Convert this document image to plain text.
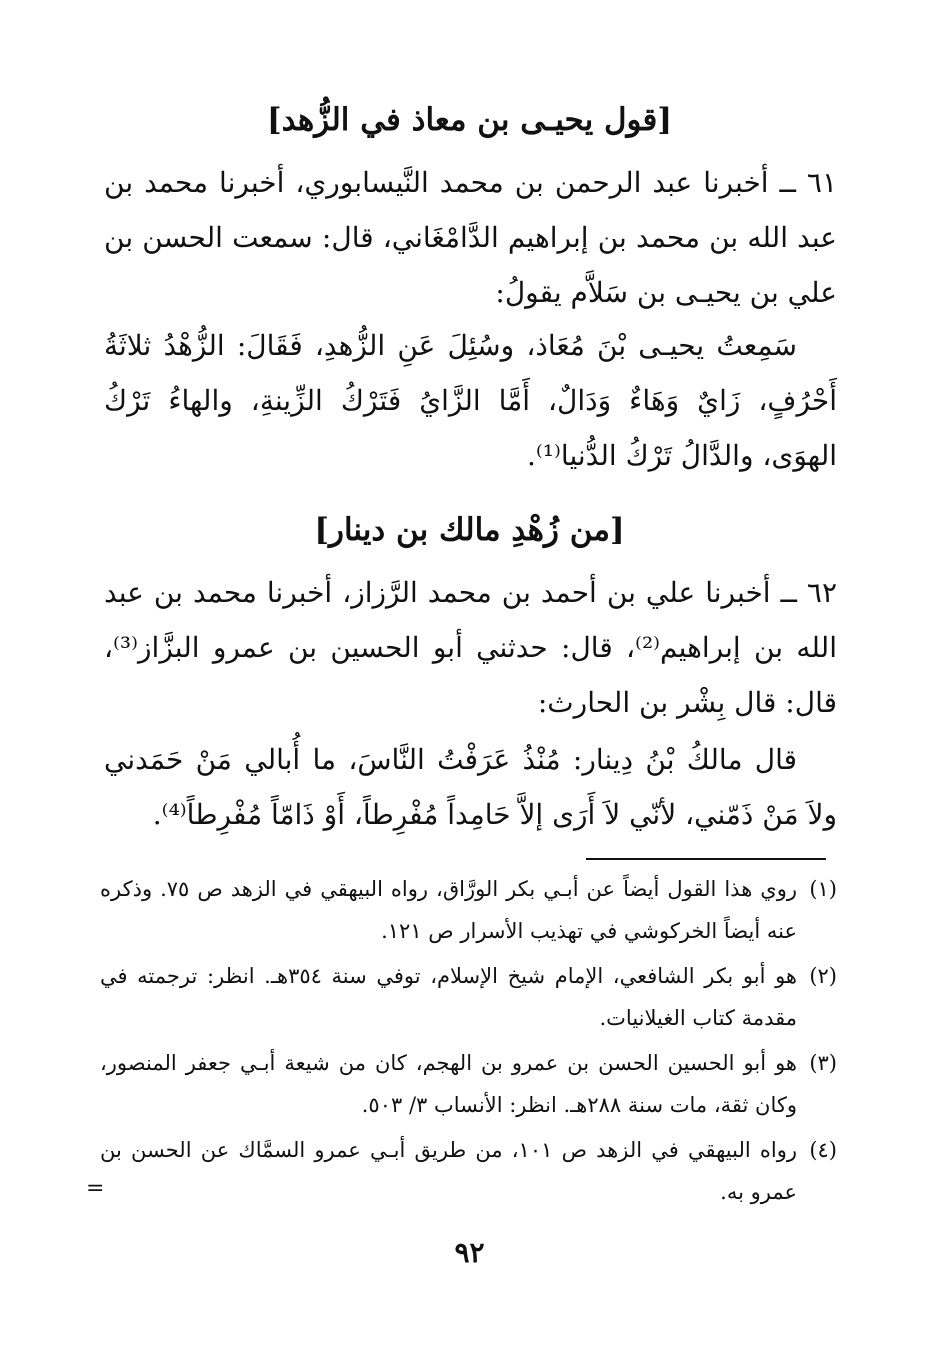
[قول يحيـى بن معاذ في الزُّهد]

٦١ ــ أخبرنا عبد الرحمن بن محمد النَّيسابوري، أخبرنا محمد بن عبد الله بن محمد بن إبراهيم الدَّامْغَاني، قال: سمعت الحسن بن علي بن يحيـى بن سَلاَّم يقولُ:

سَمِعتُ يحيـى بْنَ مُعَاذ، وسُئِلَ عَنِ الزُّهدِ، فَقَالَ: الزُّهْدُ ثلاثَةُ أَحْرُفٍ، زَايٌ وَهَاءٌ وَدَالٌ، أَمَّا الزَّايُ فَتَرْكُ الزِّينةِ، والهاءُ تَرْكُ الهوَى، والدَّالُ تَرْكُ الدُّنيا⁽¹⁾.

[من زُهْدِ مالك بن دينار]

٦٢ ــ أخبرنا علي بن أحمد بن محمد الرَّزاز، أخبرنا محمد بن عبد الله بن إبراهيم⁽²⁾، قال: حدثني أبو الحسين بن عمرو البزَّاز⁽³⁾، قال: قال بِشْر بن الحارث:

قال مالكُ بْنُ دِينار: مُنْذُ عَرَفْتُ النَّاسَ، ما أُبالي مَنْ حَمَدني ولاَ مَنْ ذَمّني، لأنّي لاَ أَرَى إلاَّ حَامِداً مُفْرِطاً، أَوْ ذَامّاً مُفْرِطاً⁽⁴⁾.

(١)
روي هذا القول أيضاً عن أبـي بكر الورَّاق، رواه البيهقي في الزهد ص ٧٥. وذكره عنه أيضاً الخركوشي في تهذيب الأسرار ص ١٢١.
(٢)
هو أبو بكر الشافعي، الإمام شيخ الإسلام، توفي سنة ٣٥٤هـ. انظر: ترجمته في مقدمة كتاب الغيلانيات.
(٣)
هو أبو الحسين الحسن بن عمرو بن الهجم، كان من شيعة أبـي جعفر المنصور، وكان ثقة، مات سنة ٢٨٨هـ. انظر: الأنساب ٣/ ٥٠٣.
(٤)
رواه البيهقي في الزهد ص ١٠١، من طريق أبـي عمرو السمَّاك عن الحسن بن عمرو به.
=
٩٢
